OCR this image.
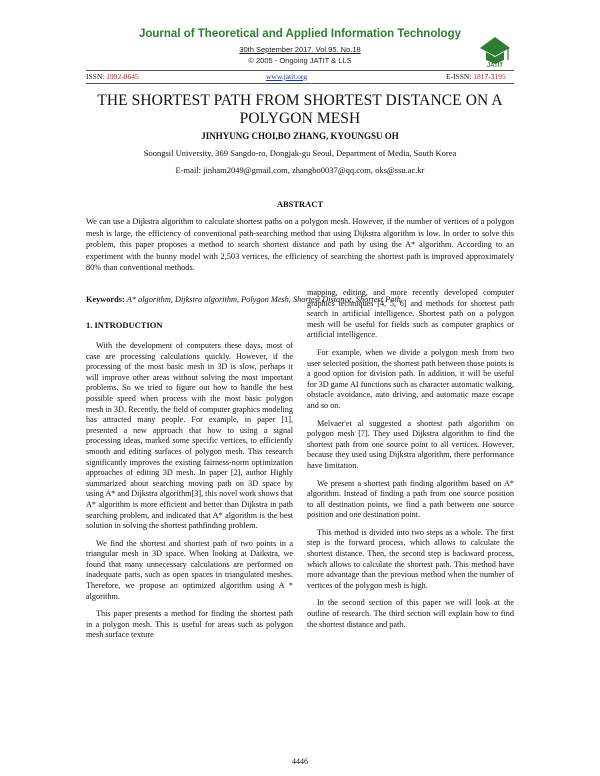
Journal of Theoretical and Applied Information Technology
30th September 2017. Vol.95. No.18
© 2005 - Ongoing JATIT & LLS
JATIT
ISSN: 1992-8645	www.jatit.org	E-ISSN: 1817-3195
THE SHORTEST PATH FROM SHORTEST DISTANCE ON A POLYGON MESH
JINHYUNG CHOI,BO ZHANG, KYOUNGSU OH
Soongsil University, 369 Sangdo-ro, Dongjak-gu Seoul, Department of Media, South Korea
E-mail: jinham2049@gmail.com, zhangbo0037@qq.com, oks@ssu.ac.kr
ABSTRACT
We can use a Dijkstra algorithm to calculate shortest paths on a polygon mesh. However, if the number of vertices of a polygon mesh is large, the efficiency of conventional path-searching method that using Dijkstra algorithm is low. In order to solve this problem, this paper proposes a method to search shortest distance and path by using the A* algorithm. According to an experiment with the bunny model with 2,503 vertices, the efficiency of searching the shortest path is improved approximately 80% than conventional methods.
Keywords: A* algorithm, Dijkstra algorithm, Polygon Mesh, Shortest Distance, Shortest Path.
1. INTRODUCTION

With the development of computers these days, most of case are processing calculations quickly. However, if the processing of the most basic mesh in 3D is slow, perhaps it will improve other areas without solving the most important problems. So we tried to figure out how to handle the best possible speed when process with the most basic polygon mesh in 3D. Recently, the field of computer graphics modeling has attracted many people. For example, in paper [1], presented a new approach that how to using a signal processing ideas, marked some specific vertices, to efficiently smooth and editing surfaces of polygon mesh. This research significantly improves the existing fairness-norm optimization approaches of editing 3D mesh. In paper [2], author Highly summarized about searching moving path on 3D space by using A* and Dijkstra algorithm[3], this novel work shows that A* algorithm is more efficient and better than Dijkstra in path searching problem, and indicated that A* algorithm is the best solution in solving the shortest pathfinding problem.

We find the shortest and shortest path of two points in a triangular mesh in 3D space. When looking at Daikstra, we found that many unnecessary calculations are performed on inadequate parts, such as open spaces in triangulated meshes. Therefore, we propose an optimized algorithm using A * algorithm.

This paper presents a method for finding the shortest path in a polygon mesh. This is useful for areas such as polygon mesh surface texture

mapping, editing, and more recently developed computer graphics techniques [4, 5, 6] and methods for shortest path search in artificial intelligence. Shortest path on a polygon mesh will be useful for fields such as computer graphics or artificial intelligence.

For example, when we divide a polygon mesh from two user selected position, the shortest path between those points is a good option for division path. In addition, it will be useful for 3D game AI functions such as character automatic walking, obstacle avoidance, auto driving, and automatic maze escape and so on.

Melvaer'et al suggested a shortest path algorithm on polygon mesh [7]. They used Dijkstra algorithm to find the shortest path from one source point to all vertices. However, because they used using Dijkstra algorithm, there performance have limitation.

We present a shortest path finding algorithm based on A* algorithm. Instead of finding a path from one source position to all destination points, we find a path between one source position and one destination point.

This method is divided into two steps as a whole. The first step is the forward process, which allows to calculate the shortest distance. Then, the second step is backward process, which allows to calculate the shortest path. This method have more advantage than the previous method when the number of vertices of the polygon mesh is high.

In the second section of this paper we will look at the outline of research. The third section will explain how to find the shortest distance and path.

4446
